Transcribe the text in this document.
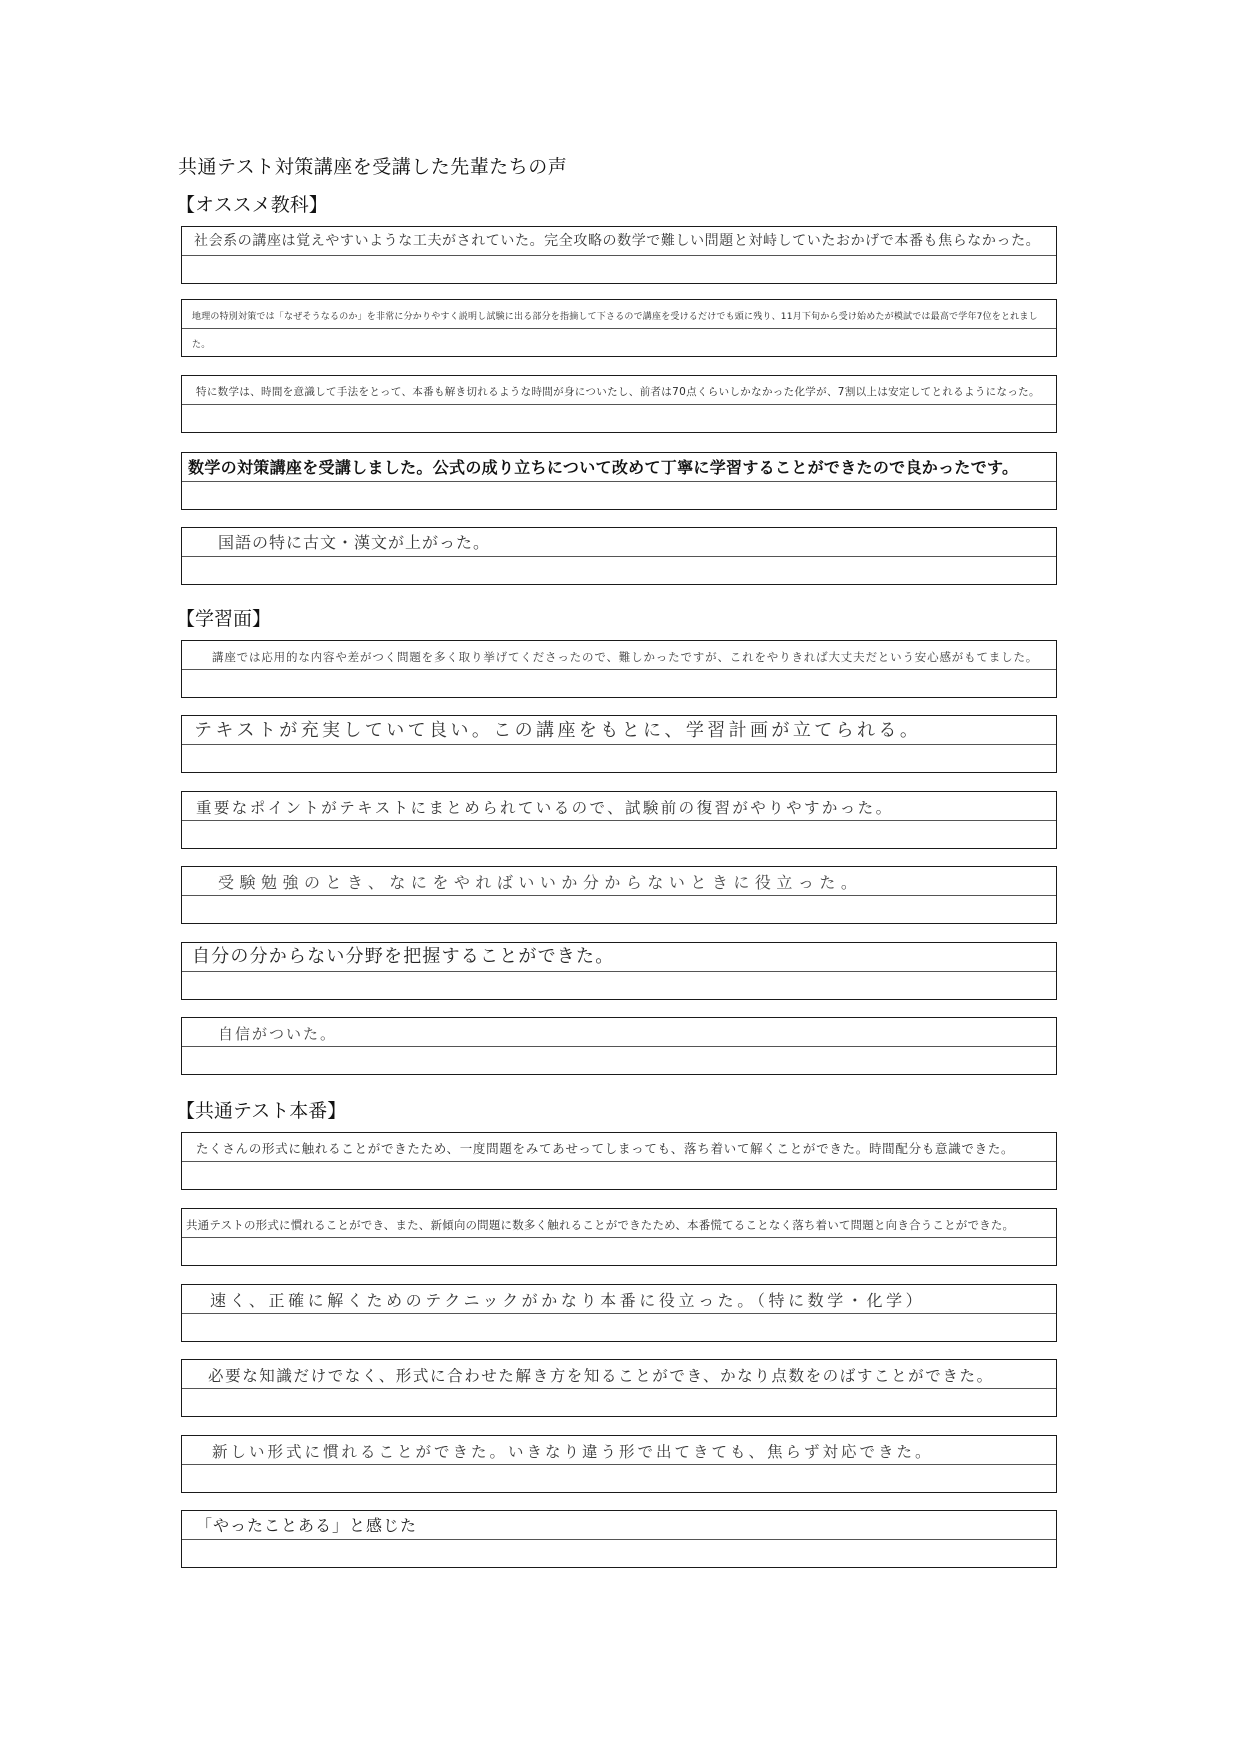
共通テスト対策講座を受講した先輩たちの声
【オススメ教科】
社会系の講座は覚えやすいような工夫がされていた。完全攻略の数学で難しい問題と対峙していたおかげで本番も焦らなかった。
地理の特別対策では「なぜそうなるのか」を非常に分かりやすく説明し試験に出る部分を指摘して下さるので講座を受けるだけでも頭に残り、11月下旬から受け始めたが模試では最高で学年7位をとれました。
特に数学は、時間を意識して手法をとって、本番も解き切れるような時間が身についたし、前者は70点くらいしかなかった化学が、7割以上は安定してとれるようになった。
数学の対策講座を受講しました。公式の成り立ちについて改めて丁寧に学習することができたので良かったです。
国語の特に古文・漢文が上がった。
【学習面】
講座では応用的な内容や差がつく問題を多く取り挙げてくださったので、難しかったですが、これをやりきれば大丈夫だという安心感がもてました。
テキストが充実していて良い。この講座をもとに、学習計画が立てられる。
重要なポイントがテキストにまとめられているので、試験前の復習がやりやすかった。
受験勉強のとき、なにをやればいいか分からないときに役立った。
自分の分からない分野を把握することができた。
自信がついた。
【共通テスト本番】
たくさんの形式に触れることができたため、一度問題をみてあせってしまっても、落ち着いて解くことができた。時間配分も意識できた。
共通テストの形式に慣れることができ、また、新傾向の問題に数多く触れることができたため、本番慌てることなく落ち着いて問題と向き合うことができた。
速く、正確に解くためのテクニックがかなり本番に役立った。（特に数学・化学）
必要な知識だけでなく、形式に合わせた解き方を知ることができ、かなり点数をのばすことができた。
新しい形式に慣れることができた。いきなり違う形で出てきても、焦らず対応できた。
「やったことある」と感じた
